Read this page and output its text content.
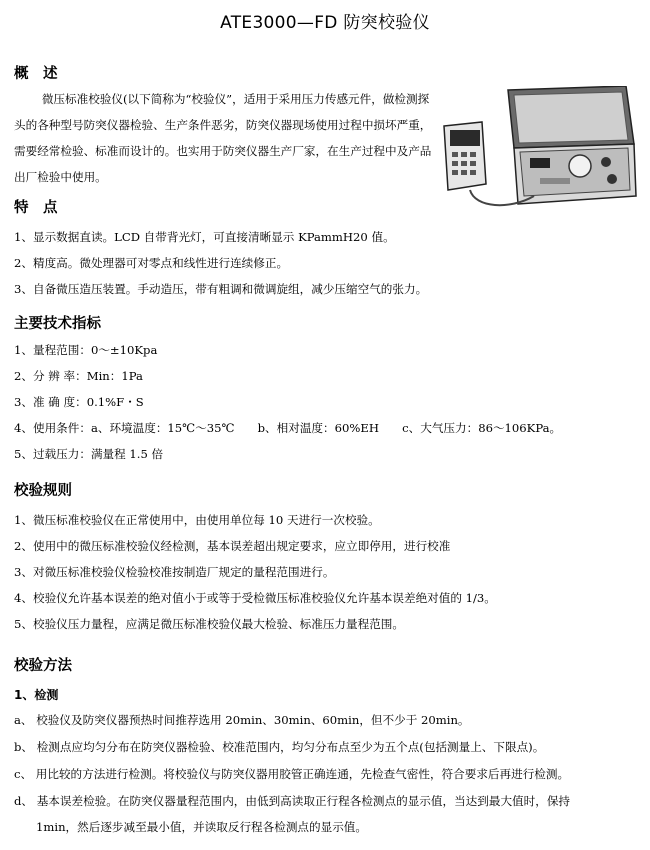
ATE3000—FD 防突校验仪
概　述
微压标准校验仪(以下简称为“校验仪”，适用于采用压力传感元件，做检测探头的各种型号防突仪器检验、生产条件恶劣，防突仪器现场使用过程中损坏严重，需要经常检验、标准而设计的。也实用于防突仪器生产厂家，在生产过程中及产品出厂检验中使用。
特　点
1、显示数据直读。LCD 自带背光灯，可直接清晰显示 KPammH20 值。
2、精度高。微处理器可对零点和线性进行连续修正。
3、自备微压造压装置。手动造压，带有粗调和微调旋组，减少压缩空气的张力。
主要技术指标
1、量程范围：0～±10Kpa
2、分 辨 率：Min：1Pa
3、准 确 度：0.1%F・S
4、使用条件：a、环境温度：15℃～35℃　　b、相对温度：60%EH　　c、大气压力：86～106KPa。
5、过载压力：满量程 1.5 倍
校验规则
1、微压标准校验仪在正常使用中，由使用单位每 10 天进行一次校验。
2、使用中的微压标准校验仪经检测，基本误差超出规定要求，应立即停用，进行校准
3、对微压标准校验仪检验校准按制造厂规定的量程范围进行。
4、校验仪允许基本误差的绝对值小于或等于受检微压标准校验仪允许基本误差绝对值的 1/3。
5、校验仪压力量程，应满足微压标准校验仪最大检验、标准压力量程范围。
校验方法
1、检测
a、 校验仪及防突仪器预热时间推荐选用 20min、30min、60min，但不少于 20min。
b、 检测点应均匀分布在防突仪器检验、校准范围内，均匀分布点至少为五个点(包括测量上、下限点)。
c、 用比较的方法进行检测。将校验仪与防突仪器用胶管正确连通，先检查气密性，符合要求后再进行检测。
d、 基本误差检验。在防突仪器量程范围内，由低到高读取正行程各检测点的显示值，当达到最大值时，保持
1min，然后逐步减至最小值，并读取反行程各检测点的显示值。
